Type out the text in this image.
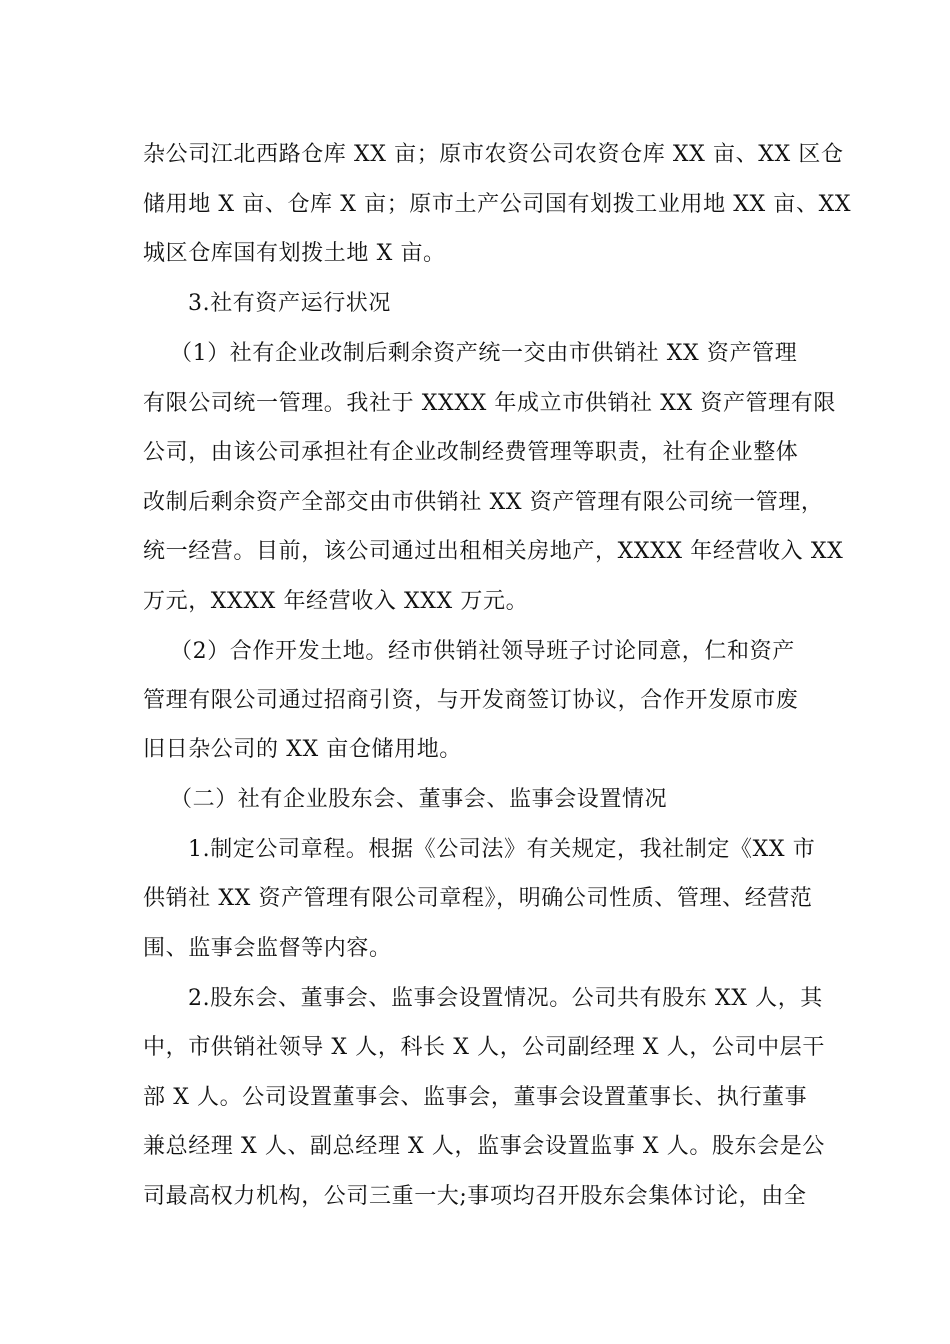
杂公司江北西路仓库 XX 亩；原市农资公司农资仓库 XX 亩、XX 区仓
储用地 X 亩、仓库 X 亩；原市土产公司国有划拨工业用地 XX 亩、XX
城区仓库国有划拨土地 X 亩。
3.社有资产运行状况
（1）社有企业改制后剩余资产统一交由市供销社 XX 资产管理
有限公司统一管理。我社于 XXXX 年成立市供销社 XX 资产管理有限
公司，由该公司承担社有企业改制经费管理等职责，社有企业整体
改制后剩余资产全部交由市供销社 XX 资产管理有限公司统一管理，
统一经营。目前，该公司通过出租相关房地产，XXXX 年经营收入 XX
万元，XXXX 年经营收入 XXX 万元。
（2）合作开发土地。经市供销社领导班子讨论同意，仁和资产
管理有限公司通过招商引资，与开发商签订协议，合作开发原市废
旧日杂公司的 XX 亩仓储用地。
（二）社有企业股东会、董事会、监事会设置情况
1.制定公司章程。根据《公司法》有关规定，我社制定《XX 市
供销社 XX 资产管理有限公司章程》，明确公司性质、管理、经营范
围、监事会监督等内容。
2.股东会、董事会、监事会设置情况。公司共有股东 XX 人，其
中，市供销社领导 X 人，科长 X 人，公司副经理 X 人，公司中层干
部 X 人。公司设置董事会、监事会，董事会设置董事长、执行董事
兼总经理 X 人、副总经理 X 人，监事会设置监事 X 人。股东会是公
司最高权力机构，公司三重一大;事项均召开股东会集体讨论，由全
